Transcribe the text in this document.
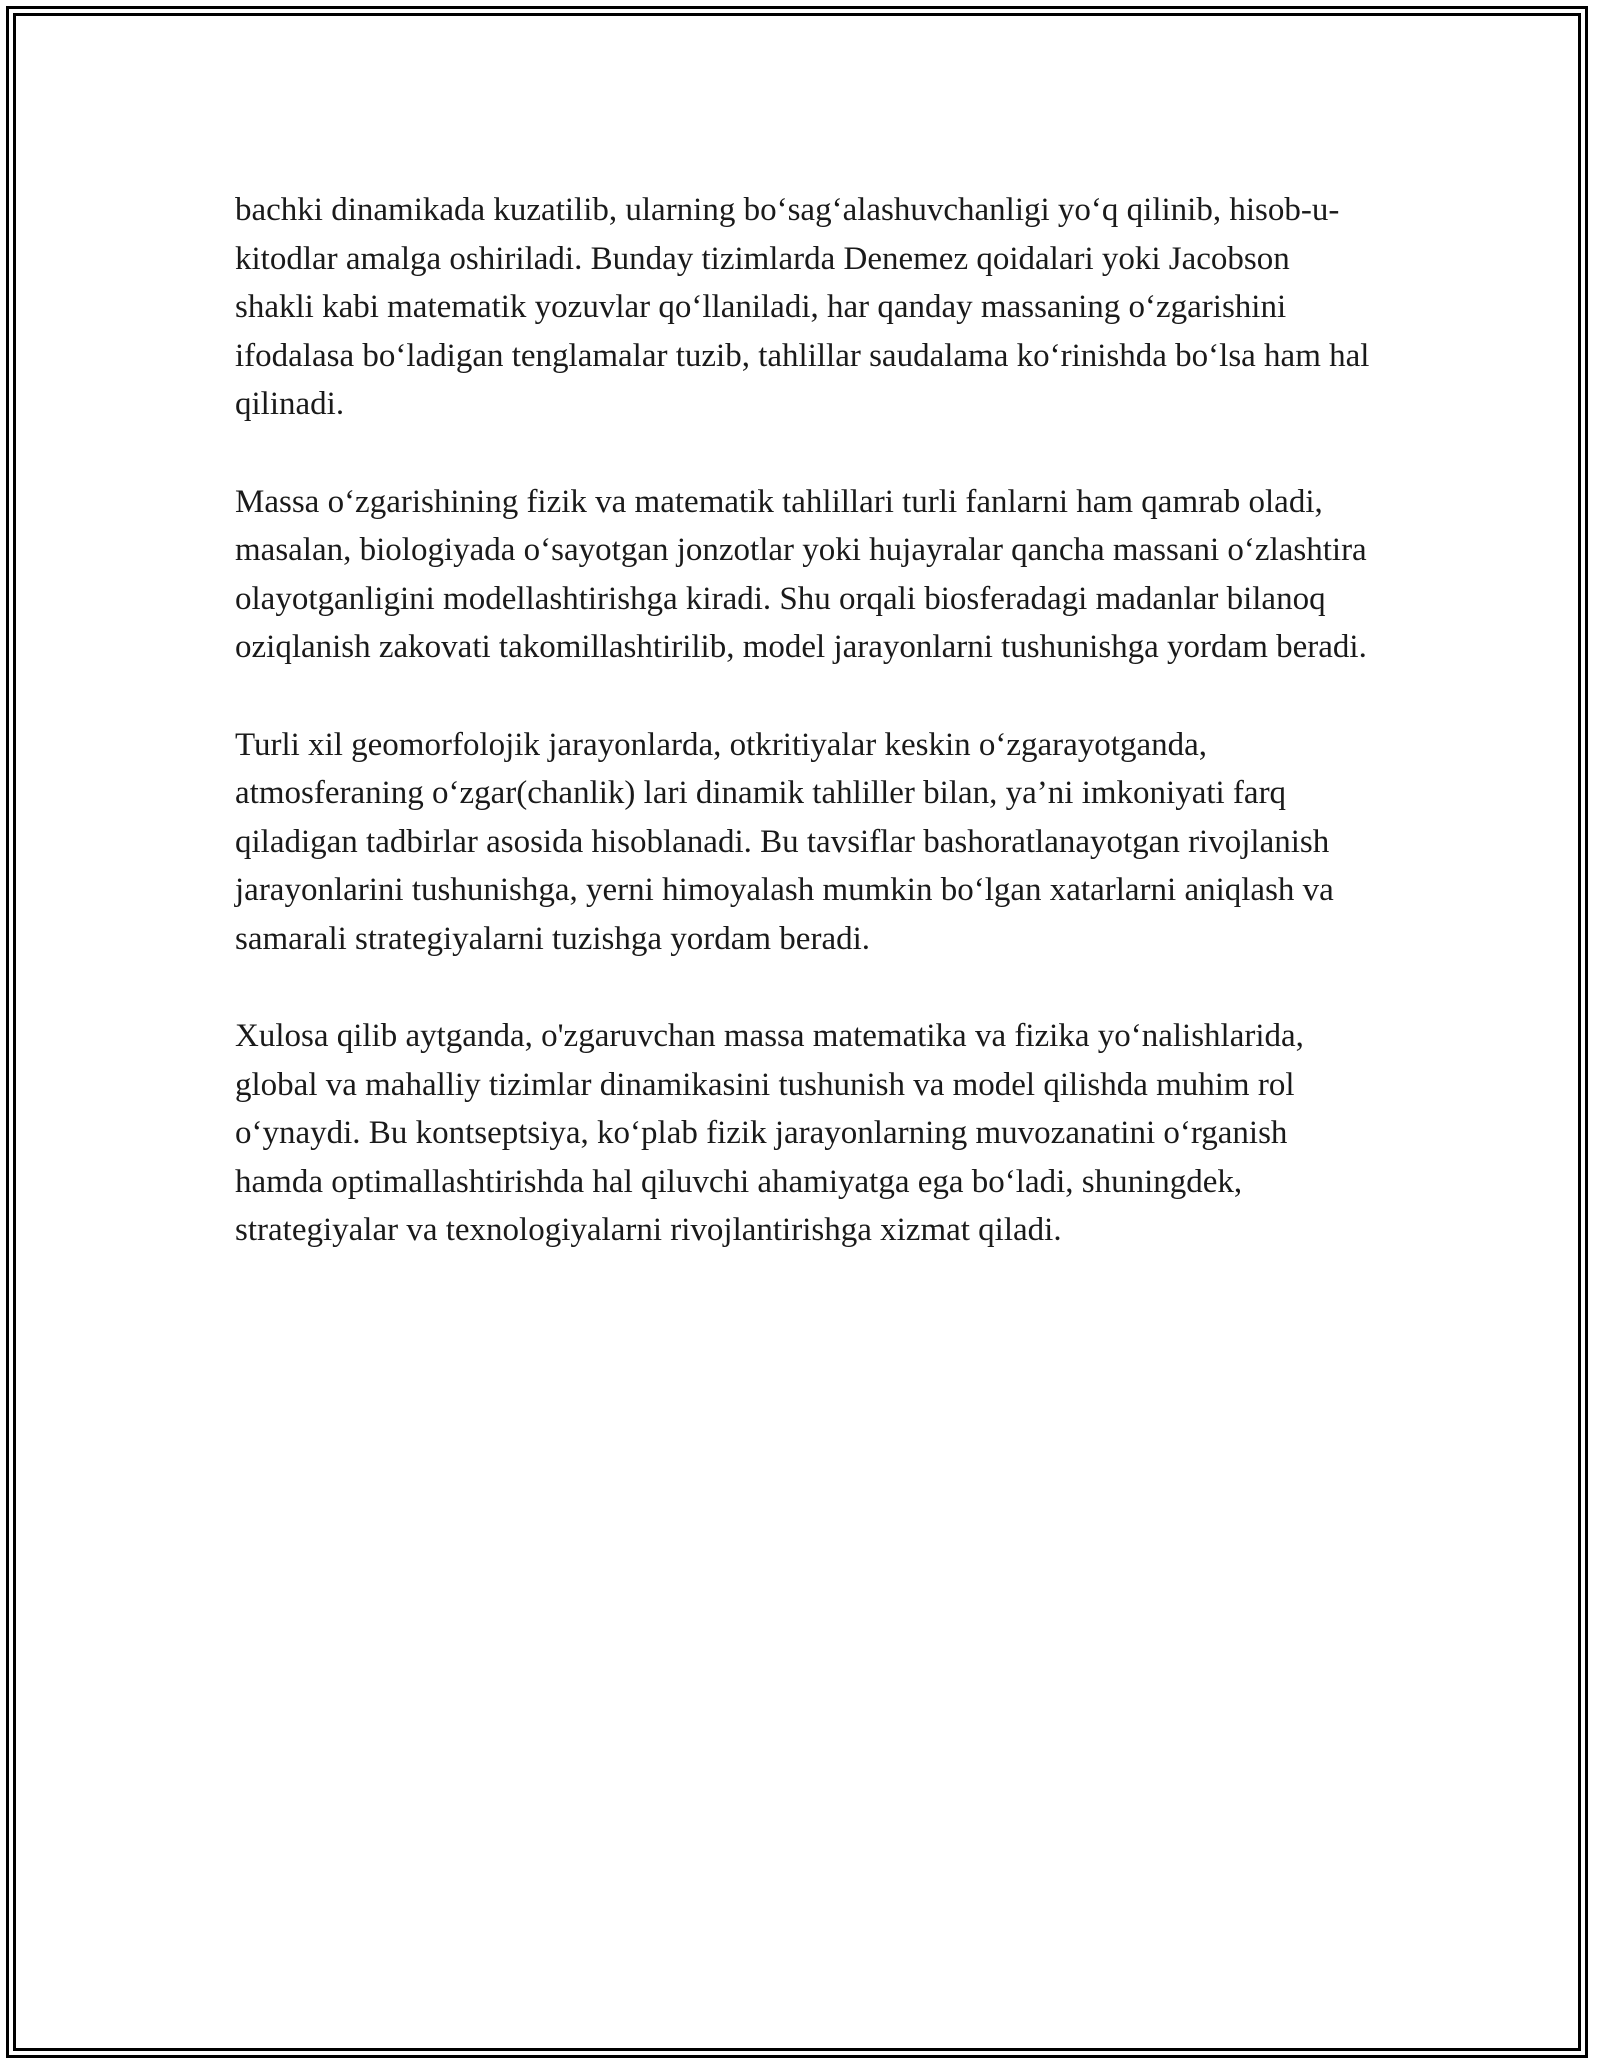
bachki dinamikada kuzatilib, ularning bo‘sag‘alashuvchanligi yo‘q qilinib, hisob-u-kitodlar amalga oshiriladi. Bunday tizimlarda Denemez qoidalari yoki Jacobson shakli kabi matematik yozuvlar qo‘llaniladi, har qanday massaning o‘zgarishini ifodalasa bo‘ladigan tenglamalar tuzib, tahlillar saudalama ko‘rinishda bo‘lsa ham hal qilinadi.

Massa o‘zgarishining fizik va matematik tahlillari turli fanlarni ham qamrab oladi, masalan, biologiyada o‘sayotgan jonzotlar yoki hujayralar qancha massani o‘zlashtira olayotganligini modellashtirishga kiradi. Shu orqali biosferadagi madanlar bilanoq oziqlanish zakovati takomillashtirilib, model jarayonlarni tushunishga yordam beradi.

Turli xil geomorfolojik jarayonlarda, otkritiyalar keskin o‘zgarayotganda, atmosferaning o‘zgar(chanlik) lari dinamik tahliller bilan, ya’ni imkoniyati farq qiladigan tadbirlar asosida hisoblanadi. Bu tavsiflar bashoratlanayotgan rivojlanish jarayonlarini tushunishga, yerni himoyalash mumkin bo‘lgan xatarlarni aniqlash va samarali strategiyalarni tuzishga yordam beradi.

Xulosa qilib aytganda, o'zgaruvchan massa matematika va fizika yo‘nalishlarida, global va mahalliy tizimlar dinamikasini tushunish va model qilishda muhim rol o‘ynaydi. Bu kontseptsiya, ko‘plab fizik jarayonlarning muvozanatini o‘rganish hamda optimallashtirishda hal qiluvchi ahamiyatga ega bo‘ladi, shuningdek, strategiyalar va texnologiyalarni rivojlantirishga xizmat qiladi.
